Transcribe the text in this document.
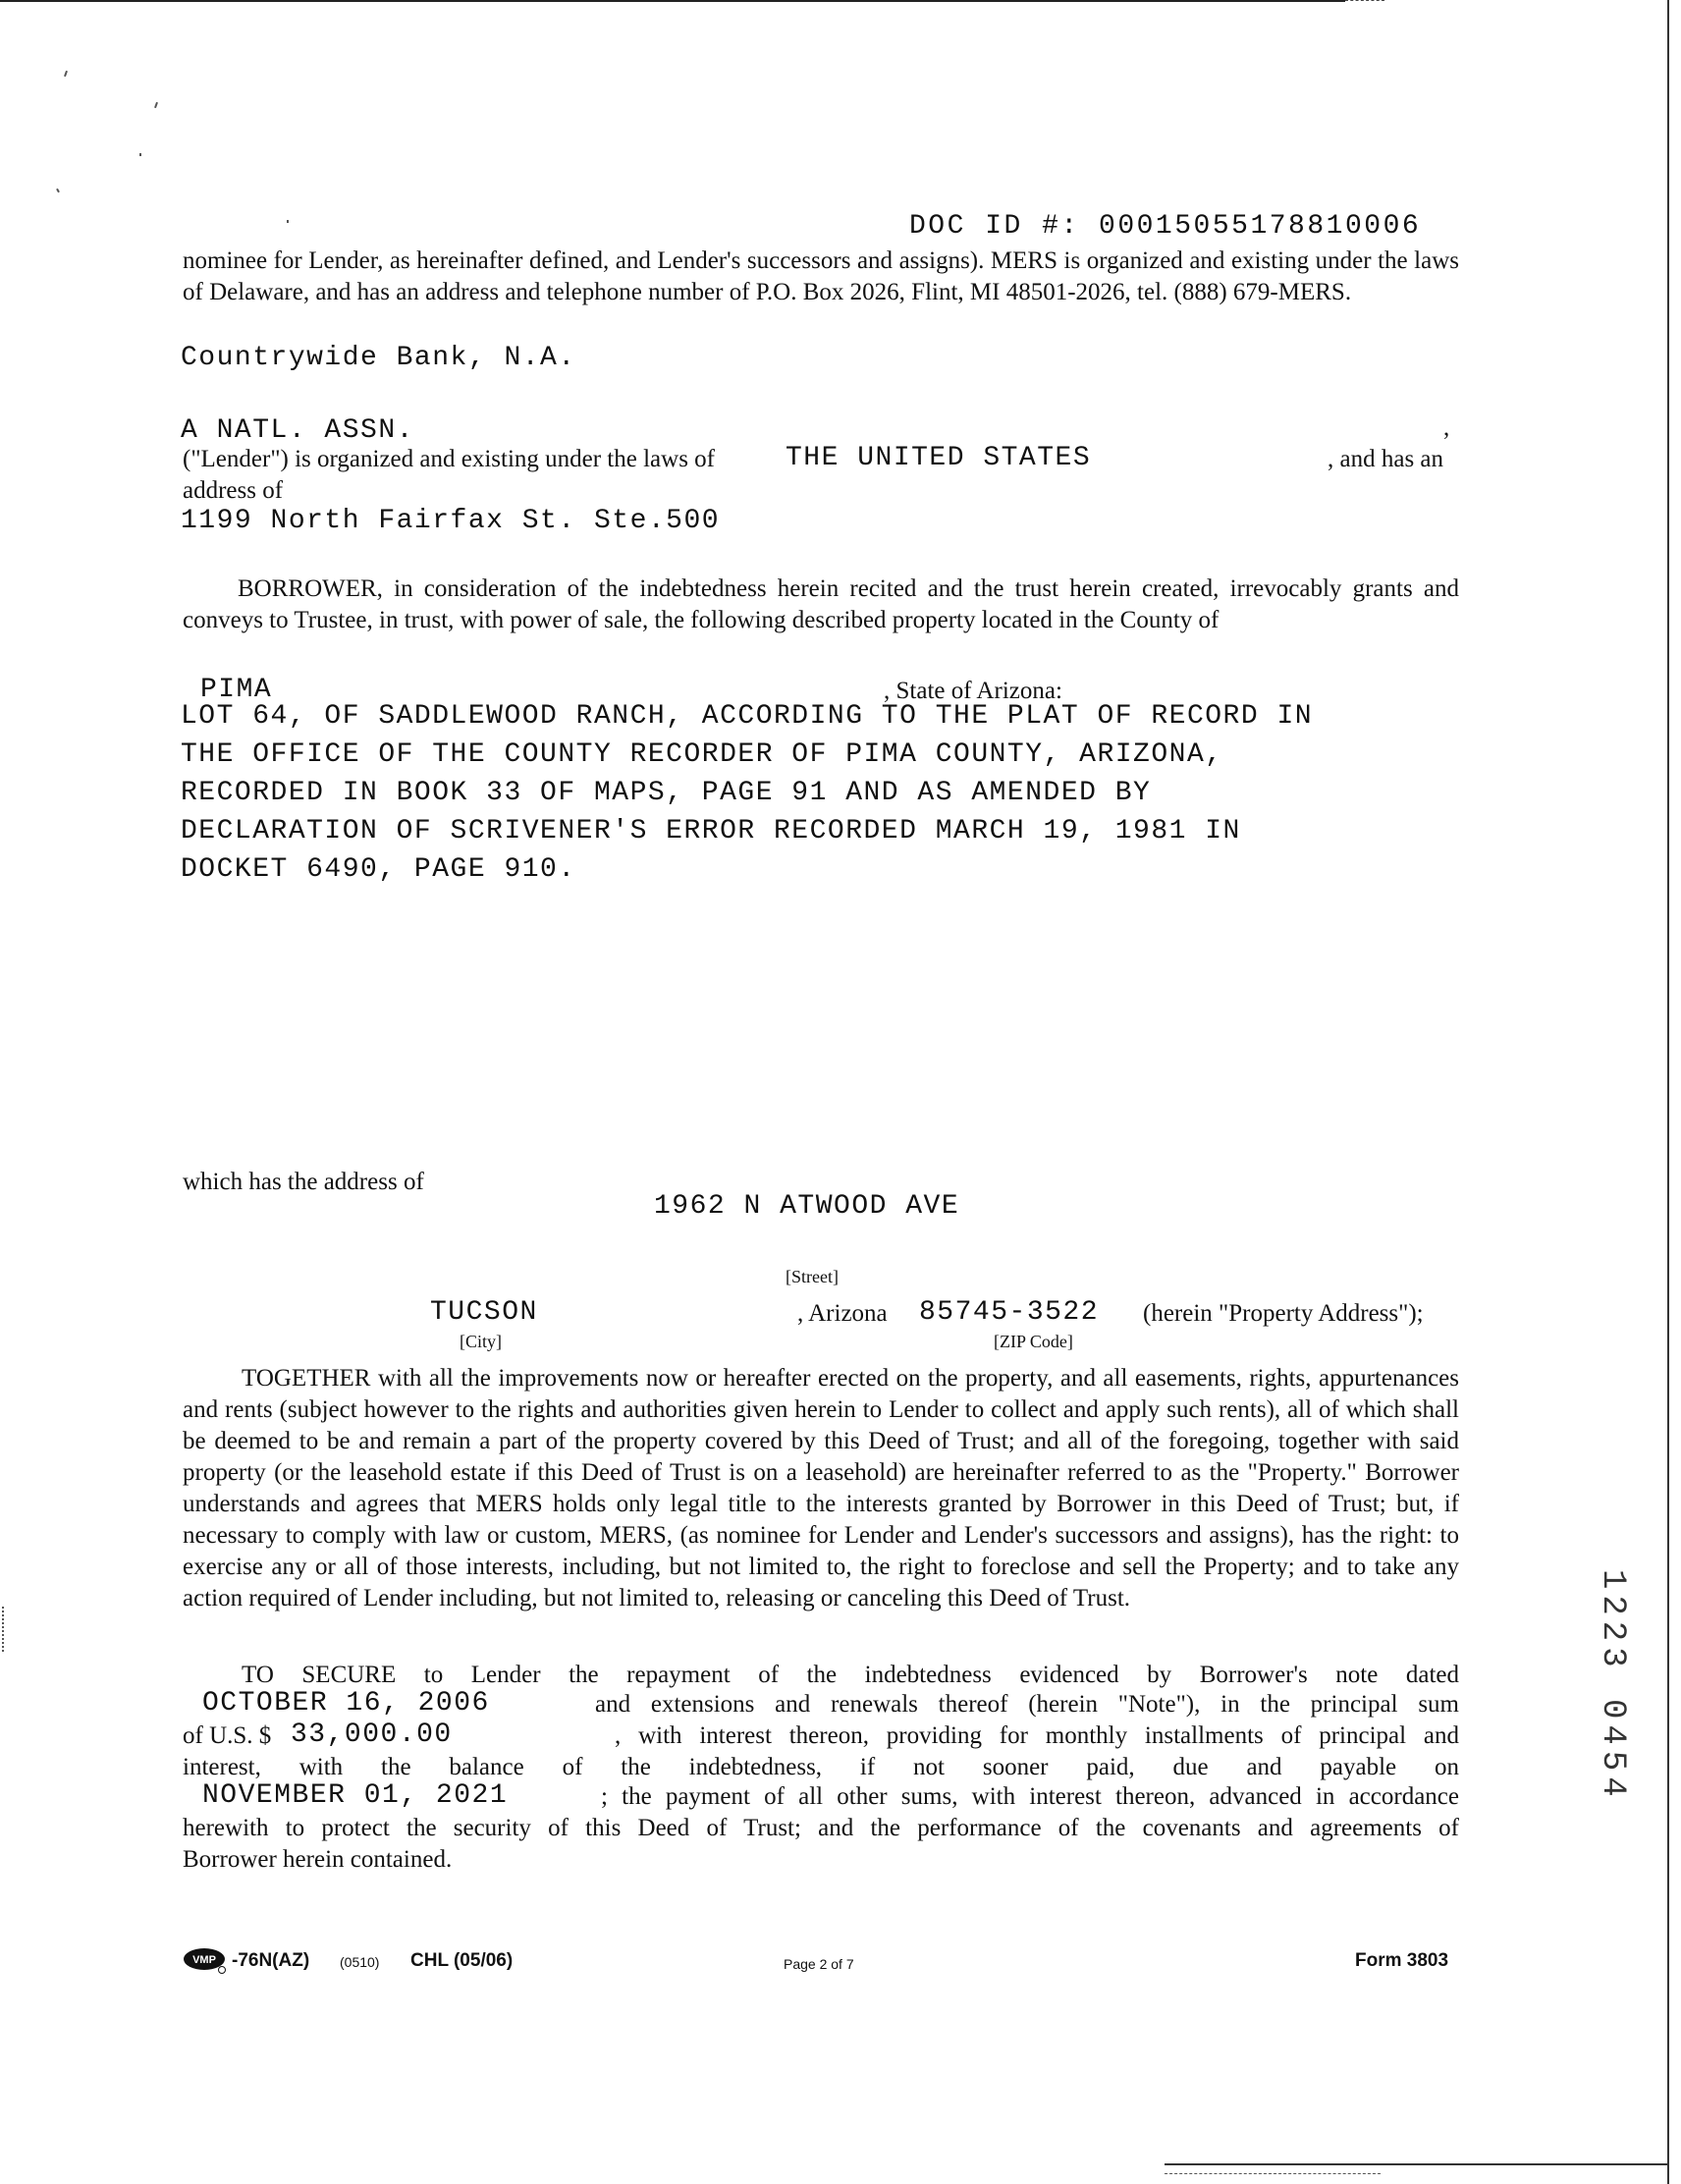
DOC ID #: 00015055178810006
nominee for Lender, as hereinafter defined, and Lender's successors and assigns). MERS is organized and existing under the laws of Delaware, and has an address and telephone number of P.O. Box 2026, Flint, MI 48501-2026, tel. (888) 679-MERS.
Countrywide Bank, N.A.
A NATL. ASSN.	,
("Lender") is organized and existing under the laws of	THE UNITED STATES	, and has an
address of
1199 North Fairfax St. Ste.500
BORROWER, in consideration of the indebtedness herein recited and the trust herein created, irrevocably grants and conveys to Trustee, in trust, with power of sale, the following described property located in the County of
PIMA	, State of Arizona:
LOT 64, OF SADDLEWOOD RANCH, ACCORDING TO THE PLAT OF RECORD IN
THE OFFICE OF THE COUNTY RECORDER OF PIMA COUNTY, ARIZONA,
RECORDED IN BOOK 33 OF MAPS, PAGE 91 AND AS AMENDED BY
DECLARATION OF SCRIVENER'S ERROR RECORDED MARCH 19, 1981 IN
DOCKET 6490, PAGE 910.
which has the address of
1962 N ATWOOD AVE
[Street]
TUCSON
[City]
, Arizona 85745-3522
[ZIP Code]
(herein "Property Address");
TOGETHER with all the improvements now or hereafter erected on the property, and all easements, rights, appurtenances and rents (subject however to the rights and authorities given herein to Lender to collect and apply such rents), all of which shall be deemed to be and remain a part of the property covered by this Deed of Trust; and all of the foregoing, together with said property (or the leasehold estate if this Deed of Trust is on a leasehold) are hereinafter referred to as the "Property." Borrower understands and agrees that MERS holds only legal title to the interests granted by Borrower in this Deed of Trust; but, if necessary to comply with law or custom, MERS, (as nominee for Lender and Lender's successors and assigns), has the right: to exercise any or all of those interests, including, but not limited to, the right to foreclose and sell the Property; and to take any action required of Lender including, but not limited to, releasing or canceling this Deed of Trust.
TO SECURE to Lender the repayment of the indebtedness evidenced by Borrower's note dated
OCTOBER 16, 2006	and extensions and renewals thereof (herein "Note"), in the principal sum
of U.S. $ 33,000.00	, with interest thereon, providing for monthly installments of principal and
interest, with the balance of the indebtedness, if not sooner paid, due and payable on
NOVEMBER 01, 2021	; the payment of all other sums, with interest thereon, advanced in accordance
herewith to protect the security of this Deed of Trust; and the performance of the covenants and agreements of
Borrower herein contained.
VMP -76N(AZ) (0510) CHL (05/06)	Page 2 of 7	Form 3803
1223 0454
